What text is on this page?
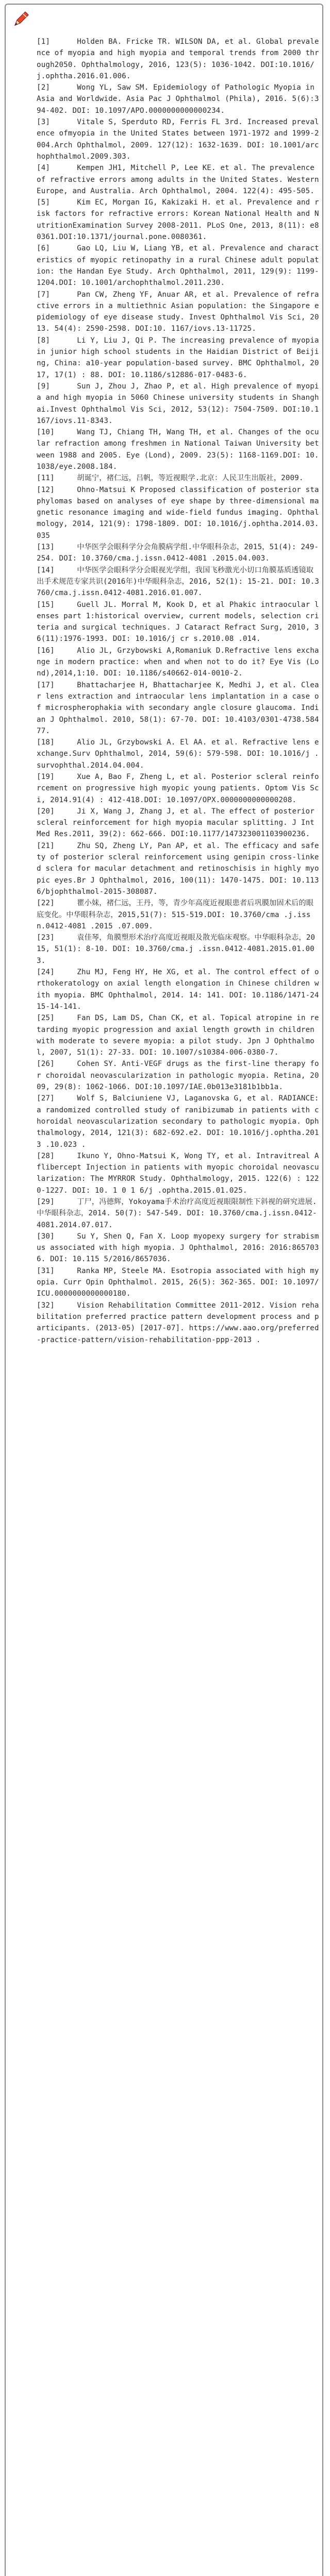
[1]	Holden BA. Fricke TR. WILSON DA, et al. Global prevalence of myopia and high myopia and temporal trends from 2000 through2050. Ophthalmology, 2016, 123(5): 1036-1042. DOI:10.1016/ j.ophtha.2016.01.006.
[2]	Wong YL, Saw SM. Epidemiology of Pathologic Myopia in Asia and Worldwide. Asia Pac J Ophthalmol (Phila), 2016. 5(6):394-402. DOI: 10.1097/APO.0000000000000234.
[3]	Vitale S, Sperduto RD, Ferris FL 3rd. Increased prevalence ofmyopia in the United States between 1971-1972 and 1999-2004.Arch Ophthalmol, 2009. 127(12): 1632-1639. DOI: 10.1001/archophthalmol.2009.303.
[4]	Kempen JH1, Mitchell P, Lee KE. et al. The prevalence of refractive errors among adults in the United States. WesternEurope, and Australia. Arch Ophthalmol, 2004. 122(4): 495-505.
[5]	Kim EC, Morgan IG, Kakizaki H. et al. Prevalence and risk factors for refractive errors: Korean National Health and NutritionExamination Survey 2008-2011. PLoS One, 2013, 8(11): e80361.DOI:10.1371/journal.pone.0080361.
[6]	Gao LQ, Liu W, Liang YB, et al. Prevalence and characteristics of myopic retinopathy in a rural Chinese adult population: the Handan Eye Study. Arch Ophthalmol, 2011, 129(9): 1199-1204.DOI: 10.1001/archophthalmol.2011.230.
[7]	Pan CW, Zheng YF, Anuar AR, et al. Prevalence of refractive errors in a multiethnic Asian population: the Singapore epidemiology of eye disease study. Invest Ophthalmol Vis Sci, 2013. 54(4): 2590-2598. DOI:10. 1167/iovs.13-11725.
[8]	Li Y, Liu J, Qi P. The increasing prevalence of myopia in junior high school students in the Haidian District of Beijing, China: a10-year population-based survey. BMC Ophthalmol, 2017, 17(1) : 88. DOI: 10.1186/s12886-017-0483-6.
[9]	Sun J, Zhou J, Zhao P, et al. High prevalence of myopia and high myopia in 5060 Chinese university students in Shanghai.Invest Ophthalmol Vis Sci, 2012, 53(12): 7504-7509. DOI:10.1167/iovs.11-8343.
[10]	Wang TJ, Chiang TH, Wang TH, et al. Changes of the ocular refraction among freshmen in National Taiwan University between 1988 and 2005. Eye (Lond), 2009. 23(5): 1168-1169.DOI: 10.1038/eye.2008.184.
[11]	胡诞宁，褚仁远，吕帆，等近视眼学.北京：人民卫生出版社，2009.
[12]	Ohno-Matsui K Proposed classification of posterior staphylomas based on analyses of eye shape by three-dimensional magnetic resonance imaging and wide-field fundus imaging. Ophthalmology, 2014, 121(9): 1798-1809. DOI: 10.1016/j.ophtha.2014.03.035
[13]	中华医学会眼科学分会角膜病学组.中华眼科杂志，2015，51(4): 249-254. DOI: 10.3760/cma.j.issn.0412-4081 .2015.04.003.
[14]	中华医学会眼科学分会眼视光学组，我国飞秒激光小切口角膜基质透镜取出手术规范专家共识(2016年)中华眼科杂志，2016, 52(1): 15-21. DOI: 10.3760/cma.j.issn.0412-4081.2016.01.007.
[15]	Guell JL. Morral M, Kook D, et al Phakic intraocular lenses part 1:historical overview, current models, selection criteria and surgical techniques. J Cataract Refract Surg, 2010, 36(11):1976-1993. DOI: 10.1016/j cr s.2010.08 .014.
[16]	Alio JL, Grzybowski A,Romaniuk D.Refractive lens exchange in modern practice: when and when not to do it? Eye Vis (Lond),2014,1:10. DOI: 10.1186/s40662-014-0010-2.
[17]	Bhattacharjee H, Bhattacharjee K, Medhi J, et al. Clear lens extraction and intraocular lens implantation in a case of microspherophakia with secondary angle closure glaucoma. Indian J Ophthalmol. 2010, 58(1): 67-70. DOI: 10.4103/0301-4738.58477.
[18]	Alio JL, Grzybowski A. El AA. et al. Refractive lens exchange.Surv Ophthalmol, 2014, 59(6): 579-598. DOI: 10.1016/j .survophthal.2014.04.004.
[19]	Xue A, Bao F, Zheng L, et al. Posterior scleral reinforcement on progressive high myopic young patients. Optom Vis Sci, 2014.91(4) : 412-418.DOI: 10.1097/OPX.0000000000000208.
[20]	Ji X, Wang J, Zhang J, et al. The effect of posterior scleral reinforcement for high myopia macular splitting. J Int Med Res.2011, 39(2): 662-666. DOI:10.1177/147323001103900236.
[21]	Zhu SQ, Zheng LY, Pan AP, et al. The efficacy and safety of posterior scleral reinforcement using genipin cross-linked sclera for macular detachment and retinoschisis in highly myopic eyes.Br J Ophthalmol, 2016, 100(11): 1470-1475. DOI: 10.1136/bjophthalmol-2015-308087.
[22]	瞿小妹，褚仁远，王丹，等，青少年高度近视眼患者后巩膜加固术后的眼底变化。中华眼科杂志，2015,51(7): 515-519.DOI: 10.3760/cma .j.issn.0412-4081 .2015 .07.009.
[23]	袁佳琴，角膜塑形术治疗高度近视眼及散光临床观察。中华眼科杂志，2015, 51(1): 8-10. DOI: 10.3760/cma.j .issn.0412-4081.2015.01.003.
[24]	Zhu MJ, Feng HY, He XG, et al. The control effect of orthokeratology on axial length elongation in Chinese children with myopia. BMC Ophthalmol, 2014. 14: 141. DOI: 10.1186/1471-2415-14-141.
[25]	Fan DS, Lam DS, Chan CK, et al. Topical atropine in retarding myopic progression and axial length growth in children with moderate to severe myopia: a pilot study. Jpn J Ophthalmol, 2007, 51(1): 27-33. DOI: 10.1007/s10384-006-0380-7.
[26]	Cohen SY. Anti-VEGF drugs as the first-line therapy for choroidal neovascularization in pathologic myopia. Retina, 2009, 29(8): 1062-1066. DOI:10.1097/IAE.0b013e3181b1bb1a.
[27]	Wolf S, Balciuniene VJ, Laganovska G, et al. RADIANCE: a randomized controlled study of ranibizumab in patients with choroidal neovascularization secondary to pathologic myopia. Ophthalmology, 2014, 121(3): 682-692.e2. DOI: 10.1016/j.ophtha.2013 .10.023 .
[28]	Ikuno Y, Ohno-Matsui K, Wong TY, et al. Intravitreal Aflibercept Injection in patients with myopic choroidal neovascularization: The MYRROR Study. Ophthalmology, 2015. 122(6) : 1220-1227. DOI: 10. 1 0 1 6/j .ophtha.2015.01.025.
[29]	丁尸，冯德辉，Yokoyama手术治疗高度近视眼限制性下斜视的研究进展.中华眼科杂志，2014. 50(7): 547-549. DOI: 10.3760/cma.j.issn.0412-4081.2014.07.017.
[30]	Su Y, Shen Q, Fan X. Loop myopexy surgery for strabismus associated with high myopia. J Ophthalmol, 2016: 2016:8657036. DOI: 10.115 5/2016/8657036.
[31]	Ranka MP, Steele MA. Esotropia associated with high myopia. Curr Opin Ophthalmol. 2015, 26(5): 362-365. DOI: 10.1097/ICU.0000000000000180.
[32]	Vision Rehabilitation Committee 2011-2012. Vision rehabilitation preferred practice pattern development process and participants. (2013-05) [2017-07]. https://www.aao.org/preferred-practice-pattern/vision-rehabilitation-ppp-2013 .
